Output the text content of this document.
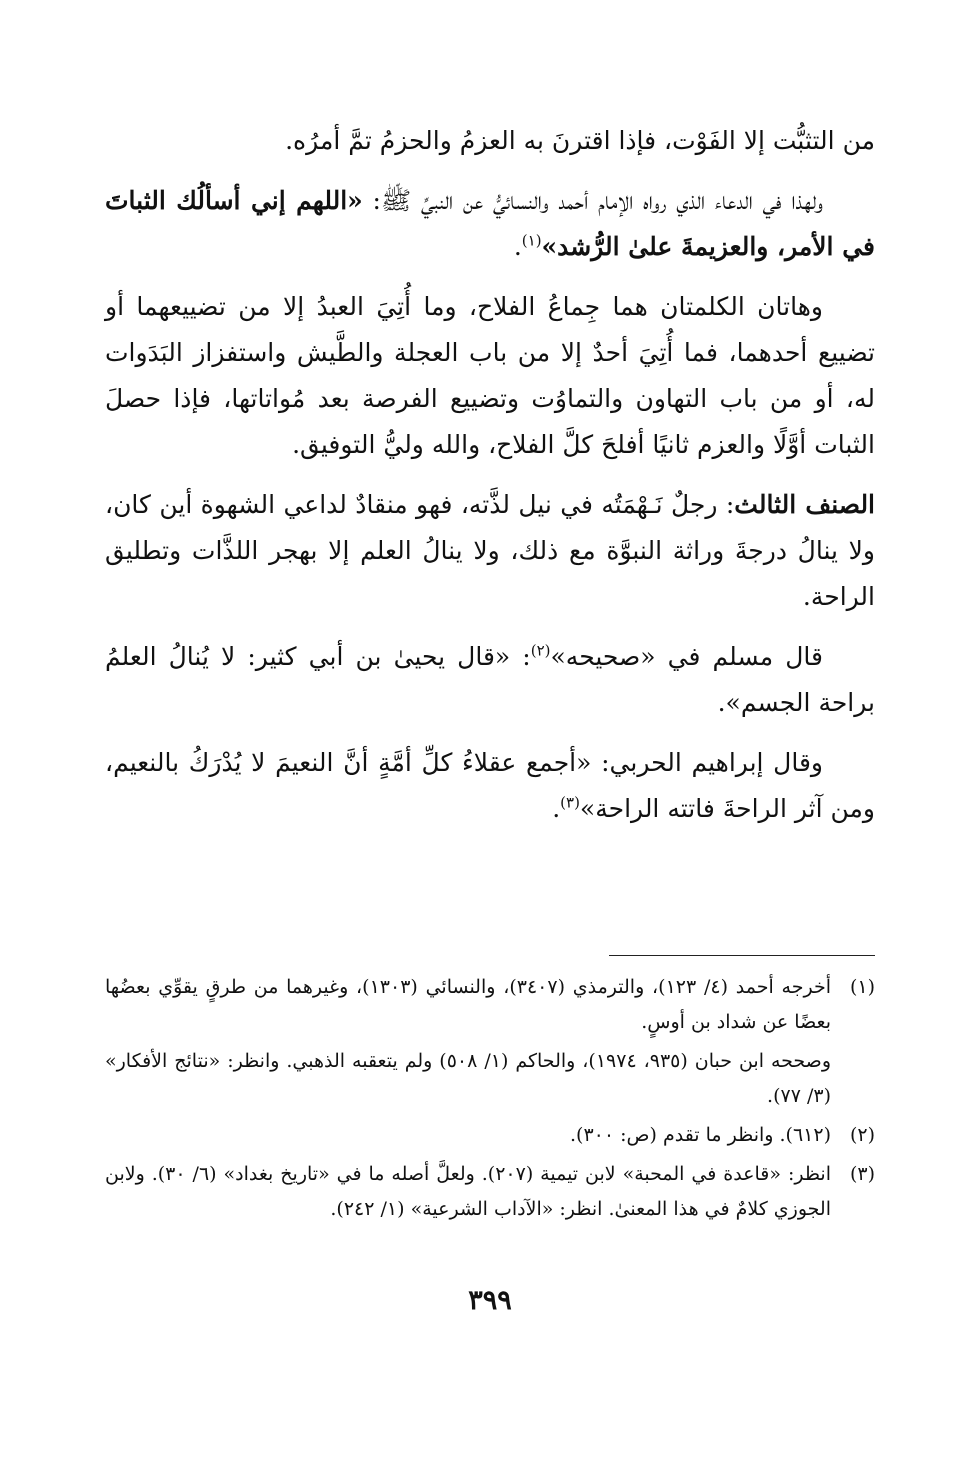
من التثبُّت إلا الفَوْت، فإذا اقترنَ به العزمُ والحزمُ تمَّ أمرُه.

ولهذا في الدعاء الذي رواه الإمام أحمد والنسائيُّ عن النبيِّ ﷺ: «اللهم إني أسألُك الثباتَ في الأمر، والعزيمةَ علىٰ الرُّشد»$^{(١)}$.

وهاتان الكلمتان هما جِماعُ الفلاح، وما أُتِيَ العبدُ إلا من تضييعهما أو تضييع أحدهما، فما أُتِيَ أحدٌ إلا من باب العجلة والطَّيش واستفزاز البَدَوات له، أو من باب التهاون والتماوُت وتضييع الفرصة بعد مُواتاتها، فإذا حصلَ الثبات أوَّلًا والعزم ثانيًا أفلحَ كلَّ الفلاح، والله وليُّ التوفيق.

الصنف الثالث: رجلٌ نَـهْمَتُه في نيل لذَّته، فهو منقادٌ لداعي الشهوة أين كان، ولا ينالُ درجةَ وراثة النبوَّة مع ذلك، ولا ينالُ العلم إلا بهجر اللذَّات وتطليق الراحة.

قال مسلم في «صحيحه»$^{(٢)}$: «قال يحيىٰ بن أبي كثير: لا يُنالُ العلمُ براحة الجسم».

وقال إبراهيم الحربي: «أجمع عقلاءُ كلِّ أمَّةٍ أنَّ النعيمَ لا يُدْرَكُ بالنعيم، ومن آثر الراحةَ فاتته الراحة»$^{(٣)}$.

(١)
أخرجه أحمد (٤/ ١٢٣)، والترمذي (٣٤٠٧)، والنسائي (١٣٠٣)، وغيرهما من طرقٍ يقوِّي بعضُها بعضًا عن شداد بن أوسٍ.
وصححه ابن حبان (٩٣٥، ١٩٧٤)، والحاكم (١/ ٥٠٨) ولم يتعقبه الذهبي. وانظر: «نتائج الأفكار» (٣/ ٧٧).
(٢)
(٦١٢). وانظر ما تقدم (ص: ٣٠٠).
(٣)
انظر: «قاعدة في المحبة» لابن تيمية (٢٠٧). ولعلَّ أصله ما في «تاريخ بغداد» (٦/ ٣٠). ولابن الجوزي كلامٌ في هذا المعنىٰ. انظر: «الآداب الشرعية» (١/ ٢٤٢).
٣٩٩
